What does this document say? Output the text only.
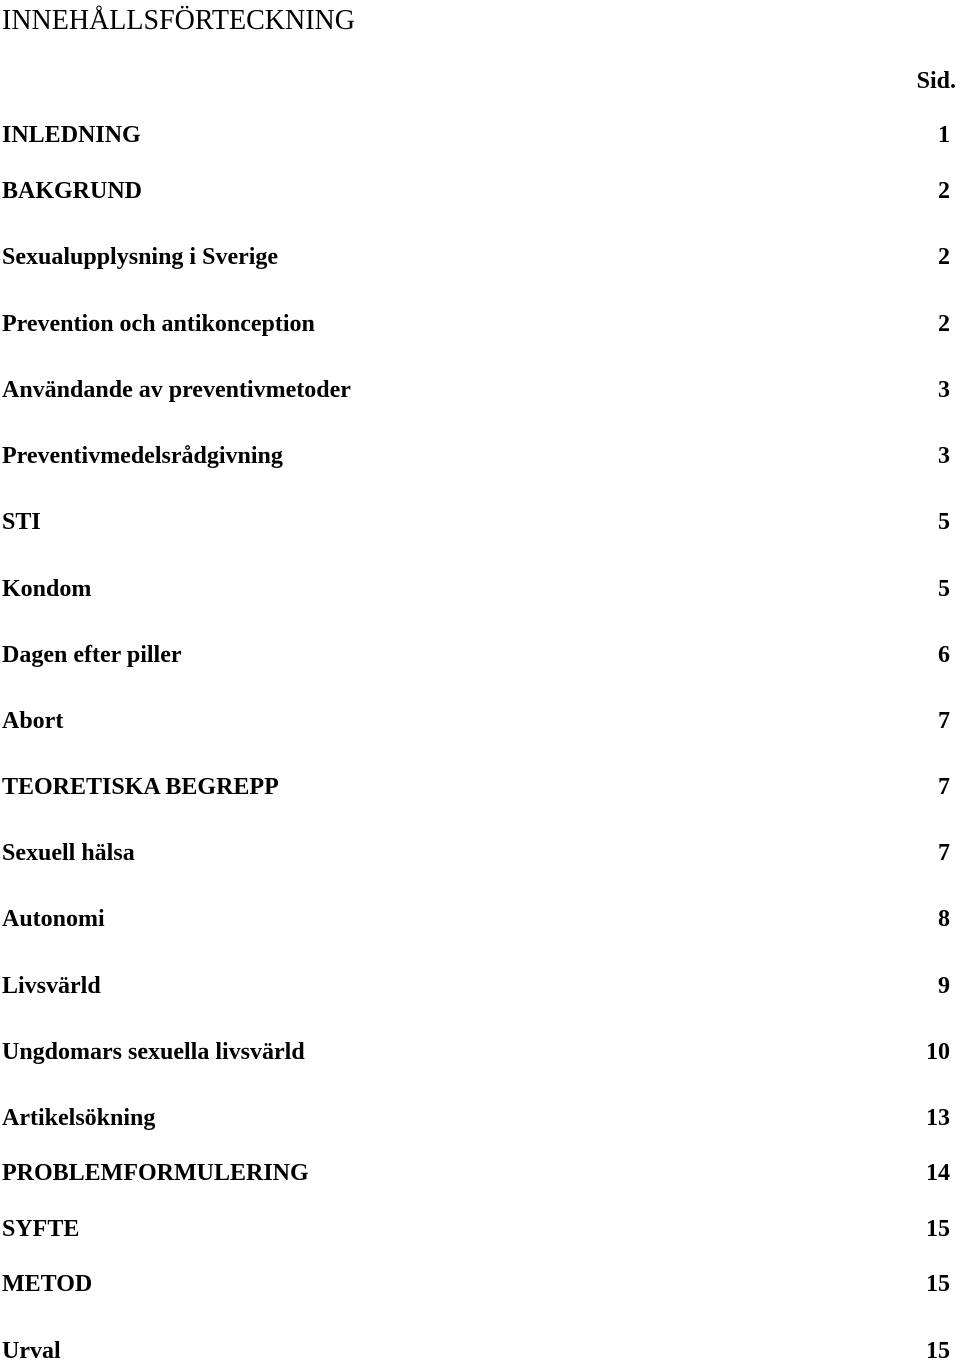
INNEHÅLLSFÖRTECKNING
Sid.
INLEDNING	1
BAKGRUND	2
Sexualupplysning i Sverige	2
Prevention och antikonception	2
Användande av preventivmetoder	3
Preventivmedelsrådgivning	3
STI	5
Kondom	5
Dagen efter piller	6
Abort	7
TEORETISKA BEGREPP	7
Sexuell hälsa	7
Autonomi	8
Livsvärld	9
Ungdomars sexuella livsvärld	10
Artikelsökning	13
PROBLEMFORMULERING	14
SYFTE	15
METOD	15
Urval	15
